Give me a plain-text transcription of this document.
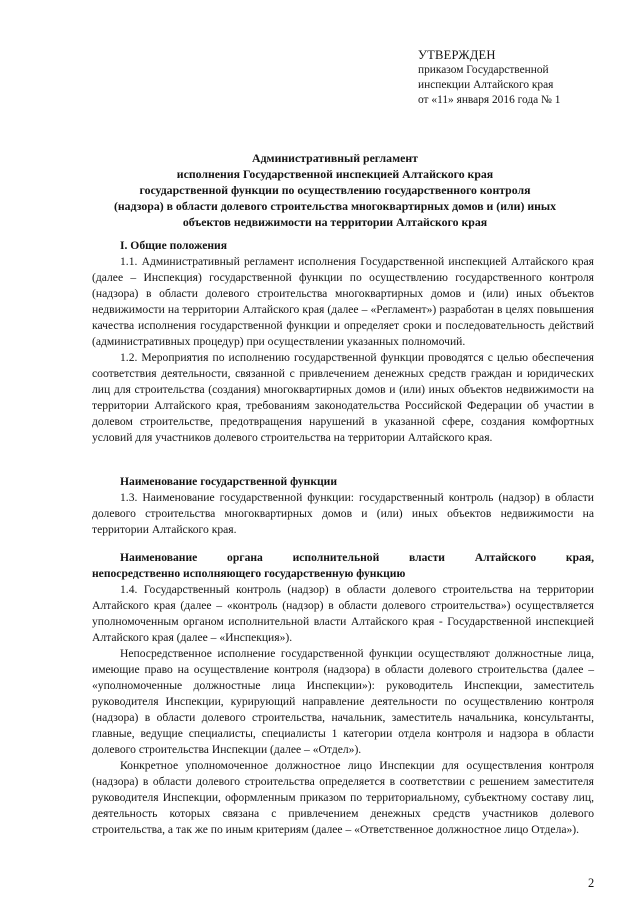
УТВЕРЖДЕН
приказом Государственной
инспекции Алтайского края
от «11» января 2016 года № 1
Административный регламент
исполнения Государственной инспекцией Алтайского края
государственной функции по осуществлению государственного контроля
(надзора) в области долевого строительства многоквартирных домов и (или) иных
объектов недвижимости на территории Алтайского края
I. Общие положения

1.1. Административный регламент исполнения Государственной инспекцией Алтайского края (далее – Инспекция) государственной функции по осуществлению государственного контроля (надзора) в области долевого строительства многоквартирных домов и (или) иных объектов недвижимости на территории Алтайского края (далее – «Регламент») разработан в целях повышения качества исполнения государственной функции и определяет сроки и последовательность действий (административных процедур) при осуществлении указанных полномочий.

1.2. Мероприятия по исполнению государственной функции проводятся с целью обеспечения соответствия деятельности, связанной с привлечением денежных средств граждан и юридических лиц для строительства (создания) многоквартирных домов и (или) иных объектов недвижимости на территории Алтайского края, требованиям законодательства Российской Федерации об участии в долевом строительстве, предотвращения нарушений в указанной сфере, создания комфортных условий для участников долевого строительства на территории Алтайского края.

Наименование государственной функции

1.3. Наименование государственной функции: государственный контроль (надзор) в области долевого строительства многоквартирных домов и (или) иных объектов недвижимости на территории Алтайского края.

Наименование органа исполнительной власти Алтайского края,
непосредственно исполняющего государственную функцию

1.4. Государственный контроль (надзор) в области долевого строительства на территории Алтайского края (далее – «контроль (надзор) в области долевого строительства») осуществляется уполномоченным органом исполнительной власти Алтайского края - Государственной инспекцией Алтайского края (далее – «Инспекция»).

Непосредственное исполнение государственной функции осуществляют должностные лица, имеющие право на осуществление контроля (надзора) в области долевого строительства (далее – «уполномоченные должностные лица Инспекции»): руководитель Инспекции, заместитель руководителя Инспекции, курирующий направление деятельности по осуществлению контроля (надзора) в области долевого строительства, начальник, заместитель начальника, консультанты, главные, ведущие специалисты, специалисты 1 категории отдела контроля и надзора в области долевого строительства Инспекции (далее – «Отдел»).

Конкретное уполномоченное должностное лицо Инспекции для осуществления контроля (надзора) в области долевого строительства определяется в соответствии с решением заместителя руководителя Инспекции, оформленным приказом по территориальному, субъектному составу лиц, деятельность которых связана с привлечением денежных средств участников долевого строительства, а так же по иным критериям (далее – «Ответственное должностное лицо Отдела»).

2
